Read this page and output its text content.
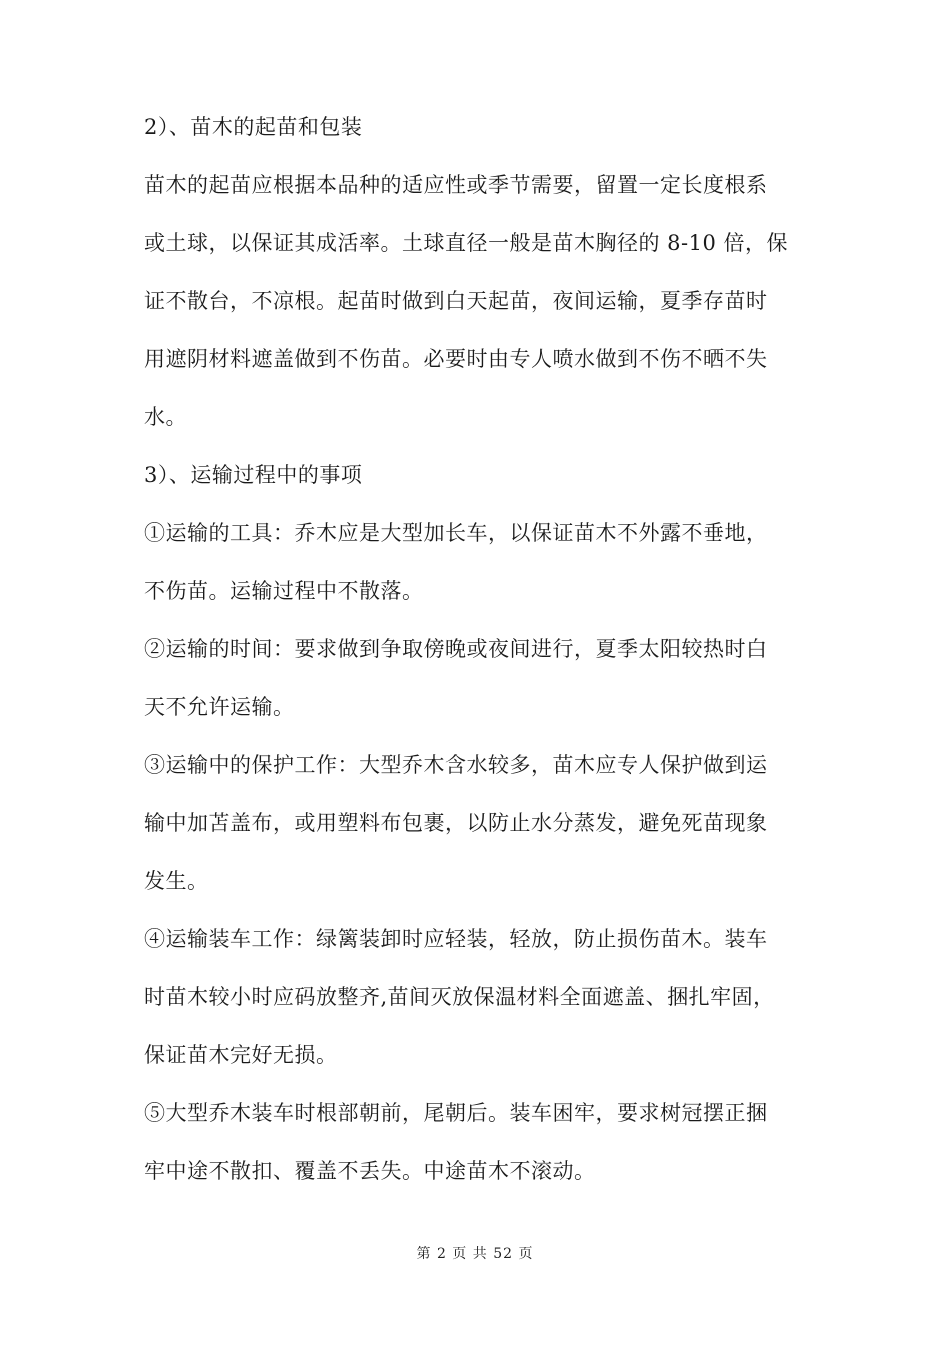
2）、苗木的起苗和包装
苗木的起苗应根据本品种的适应性或季节需要，留置一定长度根系
或土球，以保证其成活率。土球直径一般是苗木胸径的 8-10 倍，保
证不散台，不凉根。起苗时做到白天起苗，夜间运输，夏季存苗时
用遮阴材料遮盖做到不伤苗。必要时由专人喷水做到不伤不晒不失
水。
3）、运输过程中的事项
①运输的工具：乔木应是大型加长车，以保证苗木不外露不垂地，
不伤苗。运输过程中不散落。
②运输的时间：要求做到争取傍晚或夜间进行，夏季太阳较热时白
天不允许运输。
③运输中的保护工作：大型乔木含水较多，苗木应专人保护做到运
输中加苫盖布，或用塑料布包裹，以防止水分蒸发，避免死苗现象
发生。
④运输装车工作：绿篱装卸时应轻装，轻放，防止损伤苗木。装车
时苗木较小时应码放整齐,苗间灭放保温材料全面遮盖、捆扎牢固，
保证苗木完好无损。
⑤大型乔木装车时根部朝前，尾朝后。装车困牢，要求树冠摆正捆
牢中途不散扣、覆盖不丢失。中途苗木不滚动。
第 2 页 共 52 页
